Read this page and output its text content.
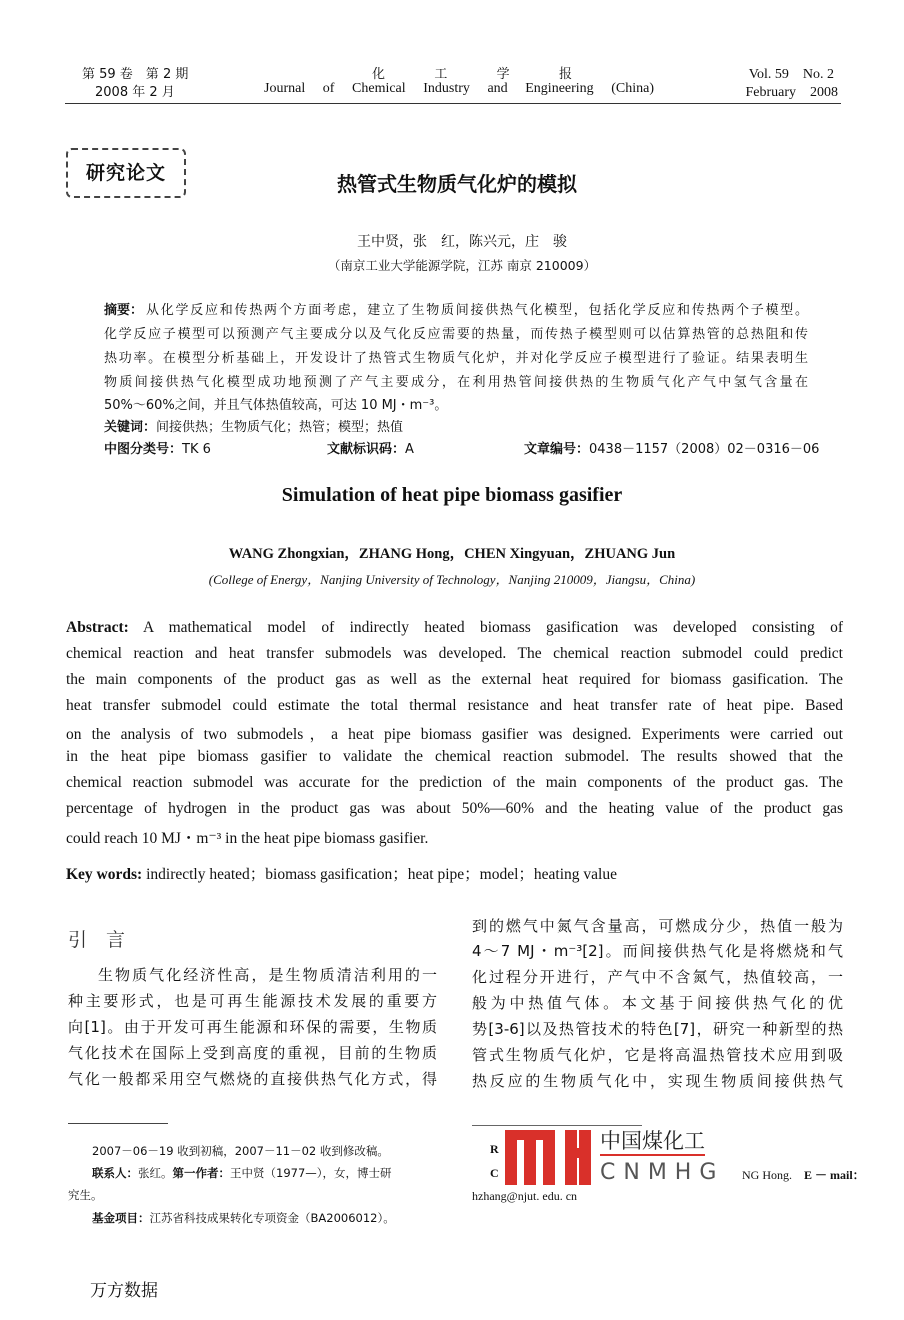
第 59 卷　第 2 期
2008 年 2 月
化	工	学	报
Journal of Chemical Industry and Engineering (China)
Vol. 59　No. 2
February　2008
研究论文	热管式生物质气化炉的模拟
王中贤，张　红，陈兴元，庄　骏
（南京工业大学能源学院，江苏 南京 210009）
摘要： 从化学反应和传热两个方面考虑，建立了生物质间接供热气化模型，包括化学反应和传热两个子模型。
化学反应子模型可以预测产气主要成分以及气化反应需要的热量，而传热子模型则可以估算热管的总热阻和传
热功率。在模型分析基础上，开发设计了热管式生物质气化炉，并对化学反应子模型进行了验证。结果表明生
物质间接供热气化模型成功地预测了产气主要成分，在利用热管间接供热的生物质气化产气中氢气含量在
50%～60%之间，并且气体热值较高，可达 10 MJ・m⁻³。
关键词：间接供热；生物质气化；热管；模型；热值
中图分类号：TK 6	文献标识码：A	文章编号：0438－1157（2008）02－0316－06
Simulation of heat pipe biomass gasifier
WANG Zhongxian，ZHANG Hong，CHEN Xingyuan，ZHUANG Jun
(College of Energy，Nanjing University of Technology，Nanjing 210009，Jiangsu，China)
Abstract: A mathematical model of indirectly heated biomass gasification was developed consisting of
chemical reaction and heat transfer submodels was developed. The chemical reaction submodel could predict
the main components of the product gas as well as the external heat required for biomass gasification. The
heat transfer submodel could estimate the total thermal resistance and heat transfer rate of heat pipe. Based
on the analysis of two submodels，a heat pipe biomass gasifier was designed. Experiments were carried out
in the heat pipe biomass gasifier to validate the chemical reaction submodel. The results showed that the
chemical reaction submodel was accurate for the prediction of the main components of the product gas. The
percentage of hydrogen in the product gas was about 50%—60% and the heating value of the product gas
could reach 10 MJ・m⁻³ in the heat pipe biomass gasifier.
Key words: indirectly heated；biomass gasification；heat pipe；model；heating value
引　言
生物质气化经济性高，是生物质清洁利用的一
种主要形式，也是可再生能源技术发展的重要方
向[1]。由于开发可再生能源和环保的需要，生物质
气化技术在国际上受到高度的重视，目前的生物质
气化一般都采用空气燃烧的直接供热气化方式，得
到的燃气中氮气含量高，可燃成分少，热值一般为
4～7 MJ・m⁻³[2]。而间接供热气化是将燃烧和气
化过程分开进行，产气中不含氮气，热值较高，一
般为中热值气体。本文基于间接供热气化的优
势[3-6]以及热管技术的特色[7]，研究一种新型的热
管式生物质气化炉，它是将高温热管技术应用到吸
热反应的生物质气化中，实现生物质间接供热气
2007－06－19 收到初稿，2007－11－02 收到修改稿。
联系人：张红。第一作者：王中贤（1977—），女，博士研
究生。
基金项目：江苏省科技成果转化专项资金（BA2006012）。
R
C	NG Hong.　 E － mail：
hzhang@njut. edu. cn
中国煤化工
CNMHG
万方数据
